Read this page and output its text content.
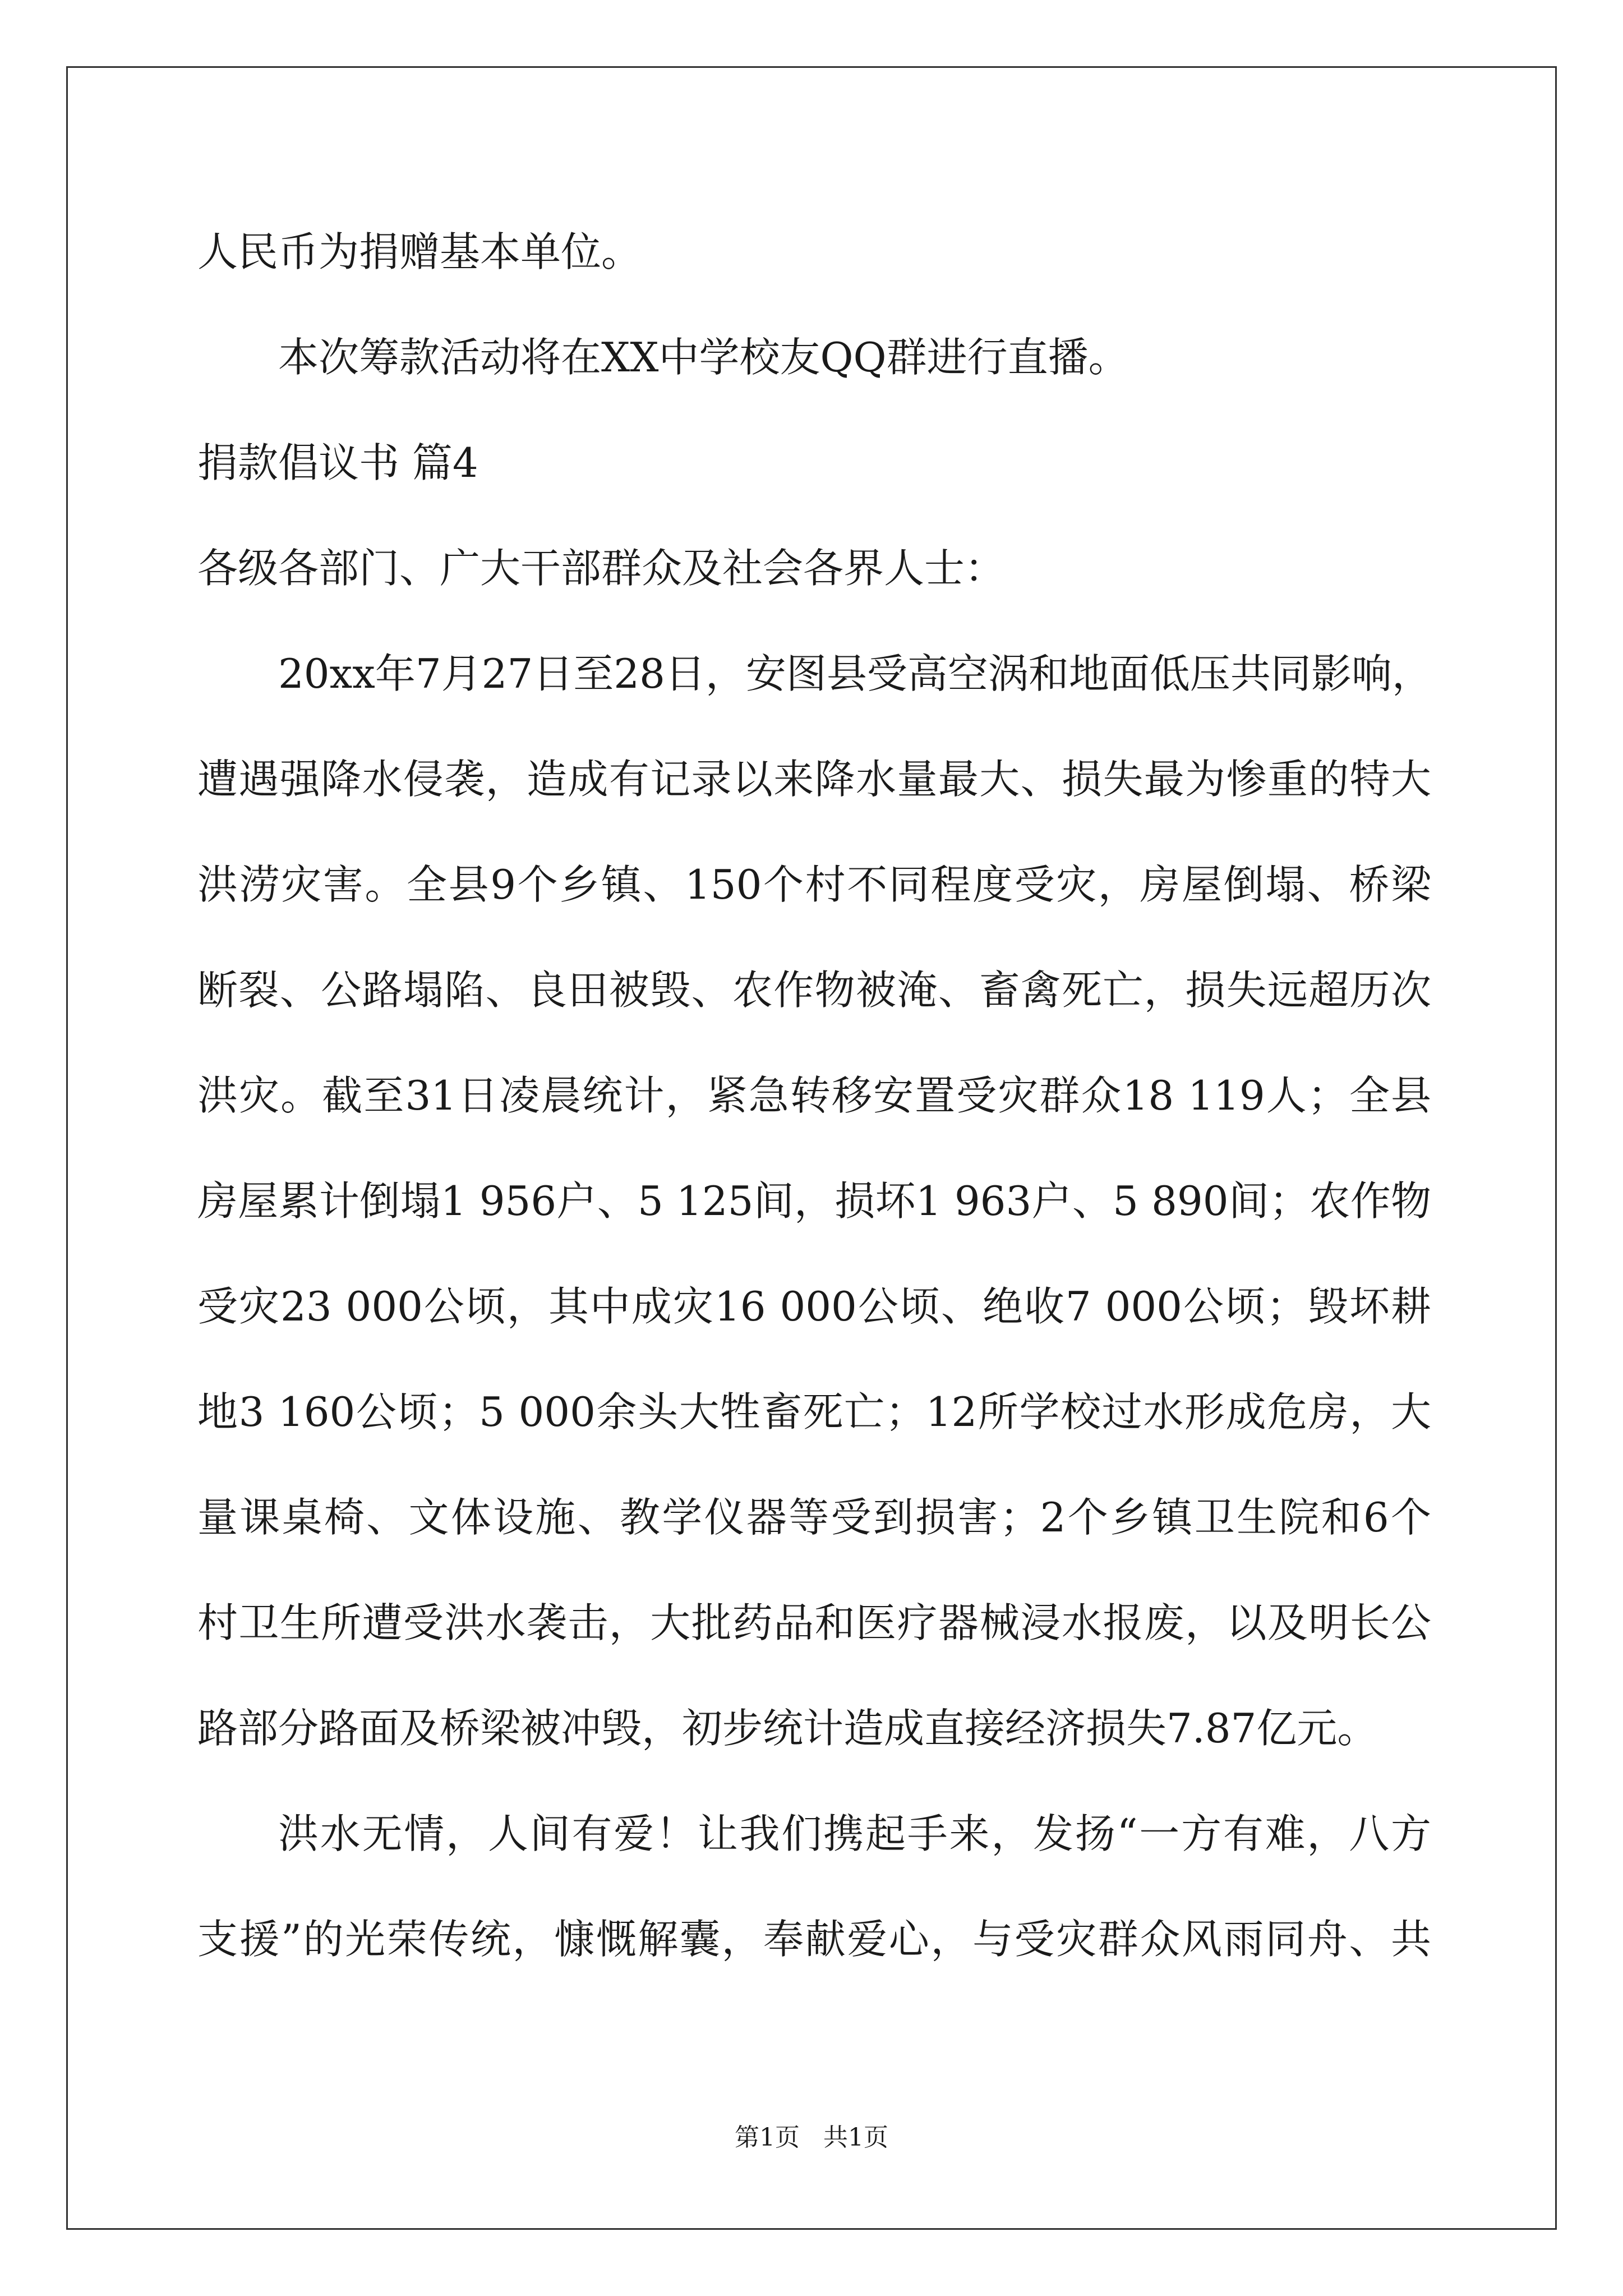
人民币为捐赠基本单位。

本次筹款活动将在XX中学校友QQ群进行直播。

捐款倡议书 篇4

各级各部门、广大干部群众及社会各界人士：

20xx年7月27日至28日，安图县受高空涡和地面低压共同影响，

遭遇强降水侵袭，造成有记录以来降水量最大、损失最为惨重的特大

洪涝灾害。全县9个乡镇、150个村不同程度受灾，房屋倒塌、桥梁

断裂、公路塌陷、良田被毁、农作物被淹、畜禽死亡，损失远超历次

洪灾。截至31日凌晨统计，紧急转移安置受灾群众18 119人；全县

房屋累计倒塌1 956户、5 125间，损坏1 963户、5 890间；农作物

受灾23 000公顷，其中成灾16 000公顷、绝收7 000公顷；毁坏耕

地3 160公顷；5 000余头大牲畜死亡；12所学校过水形成危房，大

量课桌椅、文体设施、教学仪器等受到损害；2个乡镇卫生院和6个

村卫生所遭受洪水袭击，大批药品和医疗器械浸水报废，以及明长公

路部分路面及桥梁被冲毁，初步统计造成直接经济损失7.87亿元。

洪水无情，人间有爱！让我们携起手来，发扬“一方有难，八方

支援”的光荣传统，慷慨解囊，奉献爱心，与受灾群众风雨同舟、共

第1页   共1页
